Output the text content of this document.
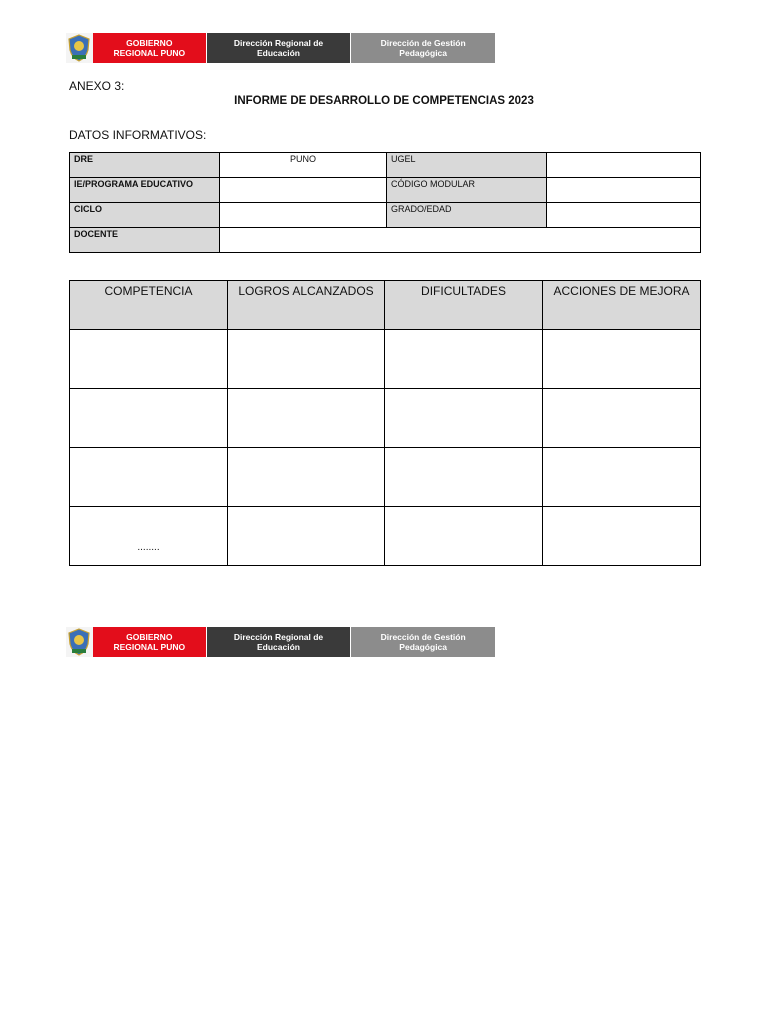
GOBIERNO
REGIONAL PUNO
Dirección Regional de
Educación
Dirección de Gestión
Pedagógica
ANEXO 3:
INFORME DE DESARROLLO DE COMPETENCIAS 2023
DATOS INFORMATIVOS:
DRE	PUNO	UGEL	
IE/PROGRAMA EDUCATIVO		CÓDIGO MODULAR	
CICLO		GRADO/EDAD	
DOCENTE			
COMPETENCIA	LOGROS ALCANZADOS	DIFICULTADES	ACCIONES DE MEJORA

........			
GOBIERNO
REGIONAL PUNO
Dirección Regional de
Educación
Dirección de Gestión
Pedagógica
